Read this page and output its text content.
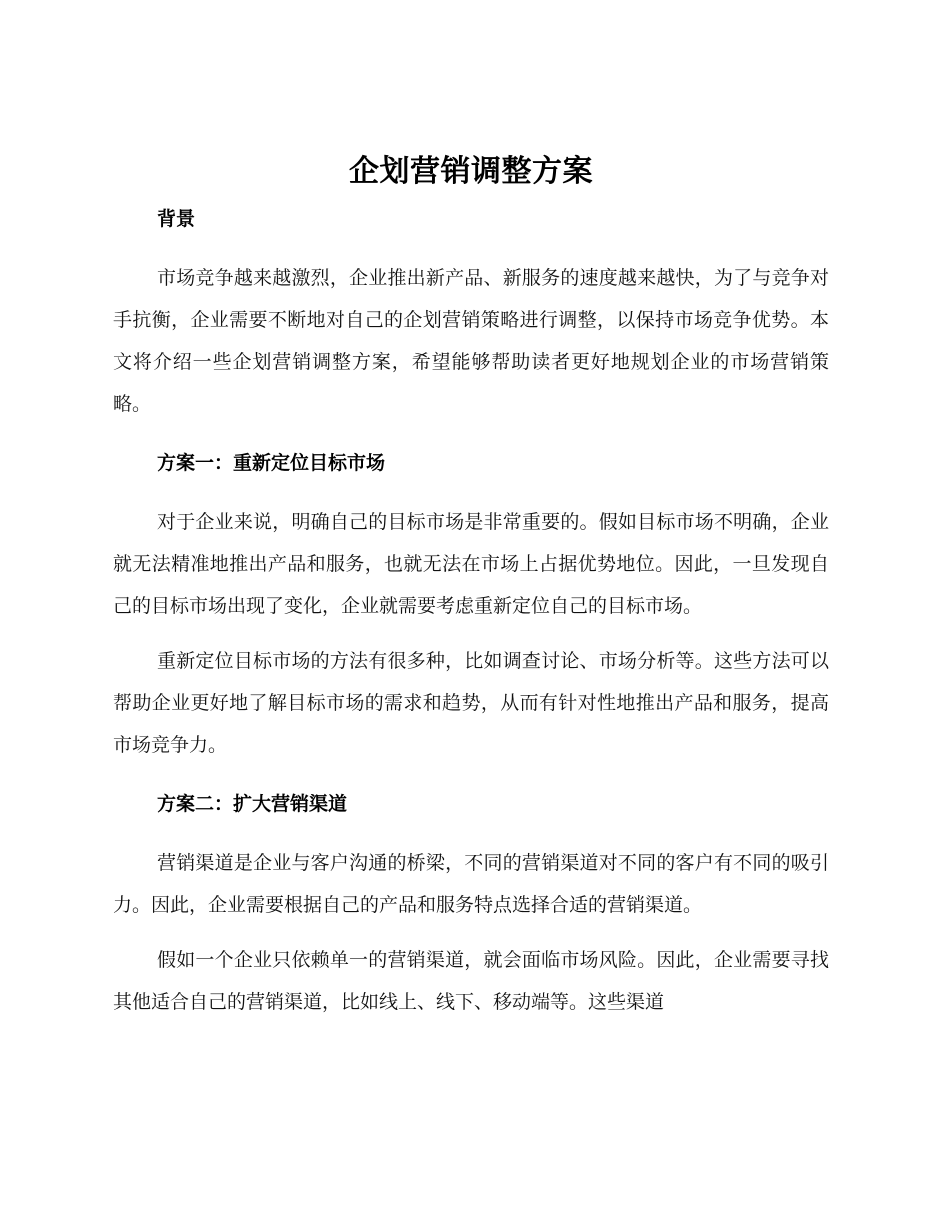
企划营销调整方案
背景

市场竞争越来越激烈，企业推出新产品、新服务的速度越来越快，为了与竞争对手抗衡，企业需要不断地对自己的企划营销策略进行调整，以保持市场竞争优势。本文将介绍一些企划营销调整方案，希望能够帮助读者更好地规划企业的市场营销策略。

方案一：重新定位目标市场

对于企业来说，明确自己的目标市场是非常重要的。假如目标市场不明确，企业就无法精准地推出产品和服务，也就无法在市场上占据优势地位。因此，一旦发现自己的目标市场出现了变化，企业就需要考虑重新定位自己的目标市场。

重新定位目标市场的方法有很多种，比如调查讨论、市场分析等。这些方法可以帮助企业更好地了解目标市场的需求和趋势，从而有针对性地推出产品和服务，提高市场竞争力。

方案二：扩大营销渠道

营销渠道是企业与客户沟通的桥梁，不同的营销渠道对不同的客户有不同的吸引力。因此，企业需要根据自己的产品和服务特点选择合适的营销渠道。

假如一个企业只依赖单一的营销渠道，就会面临市场风险。因此，企业需要寻找其他适合自己的营销渠道，比如线上、线下、移动端等。这些渠道
